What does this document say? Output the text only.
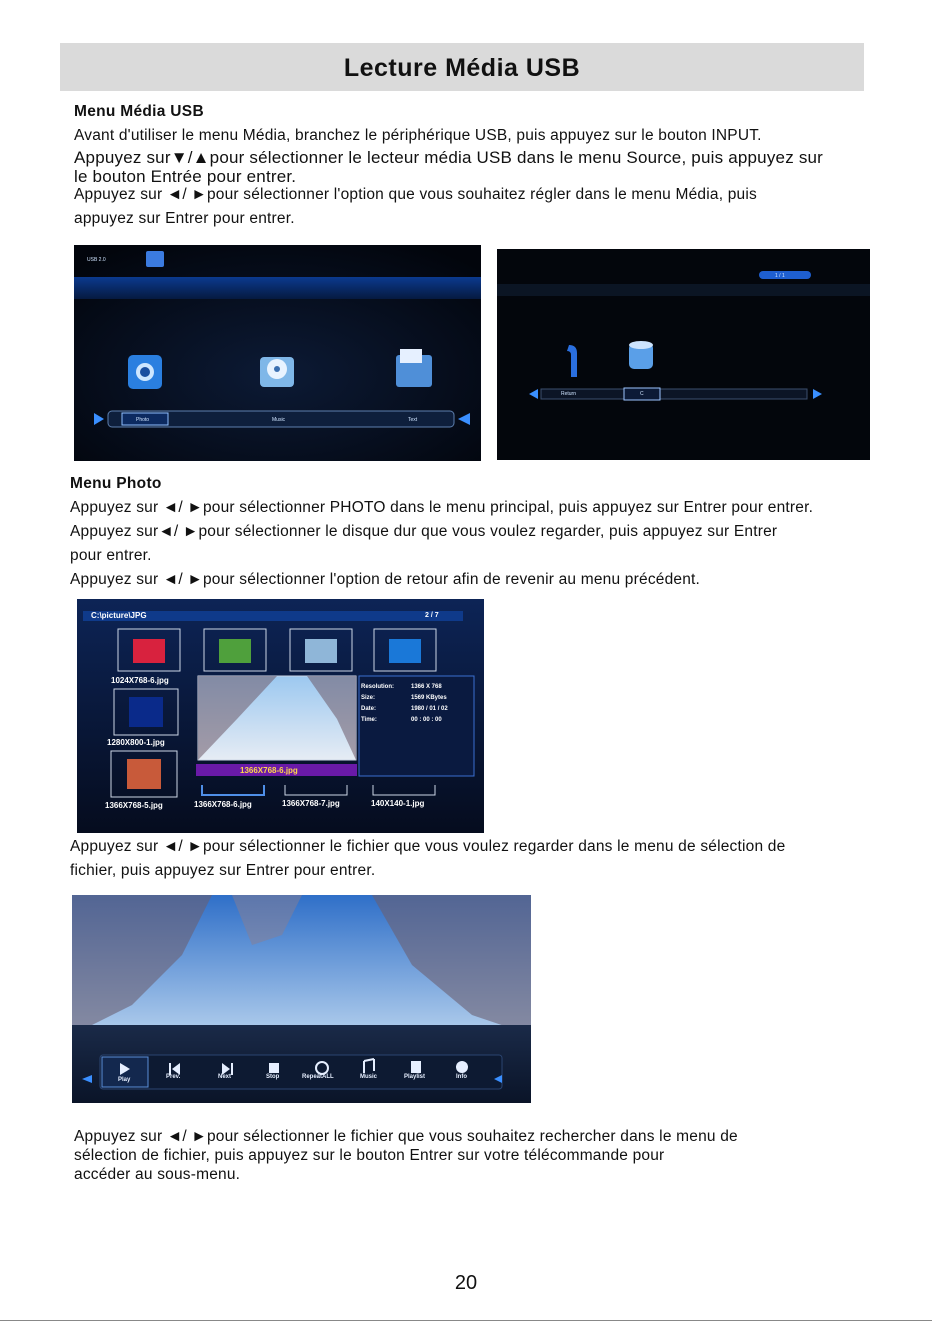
Lecture Média USB
Menu Média USB
Avant d'utiliser le menu Média, branchez le périphérique USB, puis appuyez sur le bouton INPUT.
Appuyez sur▼/▲pour sélectionner le lecteur média USB dans le menu Source, puis appuyez sur
le bouton Entrée pour entrer.
Appuyez sur ◄/ ►pour sélectionner l'option que vous souhaitez régler dans le menu Média, puis
appuyez sur Entrer pour entrer.
USB 2.0
Photo	Music	Text
1 / 1
Return	C
Menu Photo
Appuyez sur ◄/ ►pour sélectionner PHOTO dans le menu principal, puis appuyez sur Entrer pour entrer.
Appuyez sur◄/ ►pour sélectionner le disque dur que vous voulez regarder, puis appuyez sur Entrer
pour entrer.
Appuyez sur ◄/ ►pour sélectionner l'option de retour afin de revenir au menu précédent.
C:\picture\JPG	2 / 7
1024X768-6.jpg
1280X800-1.jpg
1366X768-5.jpg
1366X768-6.jpg
1366X768-6.jpg	1366X768-7.jpg	140X140-1.jpg
Resolution:	1366 X 768
Size:	1569 KBytes
Date:	1980 / 01 / 02
Time:	00 : 00 : 00
Appuyez sur ◄/ ►pour sélectionner le fichier que vous voulez regarder dans le menu de sélection de
fichier, puis appuyez sur Entrer pour entrer.
Play	Prev.	Next	Stop	RepeatALL	Music	Playlist	Info
Appuyez sur ◄/ ►pour sélectionner le fichier que vous souhaitez rechercher dans le menu de
sélection de fichier, puis appuyez sur le bouton Entrer sur votre télécommande pour
accéder au sous-menu.
20
